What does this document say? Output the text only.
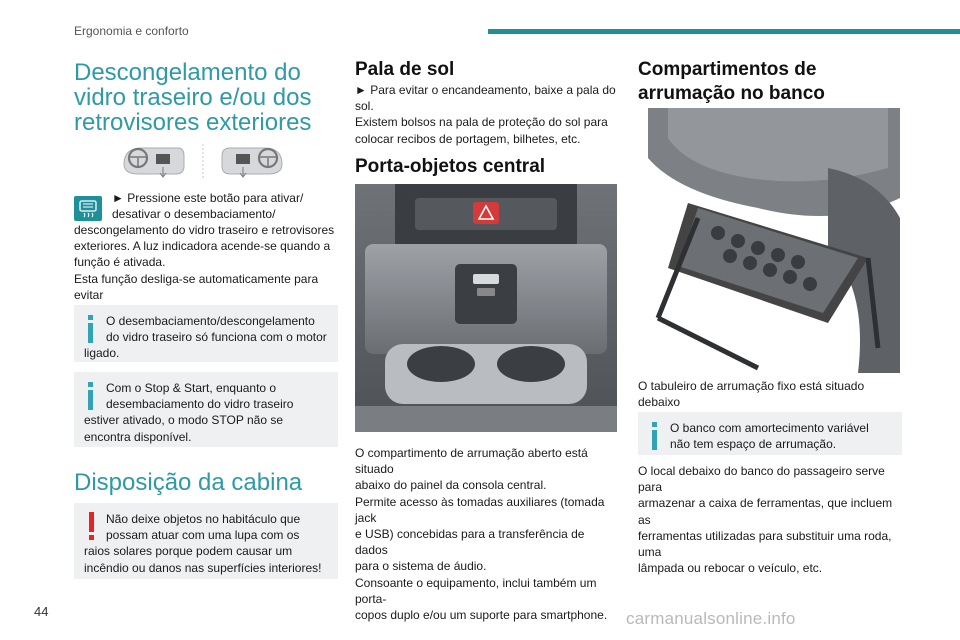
Ergonomia e conforto
44	carmanualsonline.info
Descongelamento do
vidro traseiro e/ou dos
retrovisores exteriores

► Pressione este botão para ativar/
desativar o desembaciamento/

descongelamento do vidro traseiro e retrovisores
exteriores. A luz indicadora acende-se quando a
função é ativada.
Esta função desliga-se automaticamente para evitar

O desembaciamento/descongelamento do vidro traseiro só funciona com o motor ligado.
Com o Stop & Start, enquanto o desembaciamento do vidro traseiro estiver ativado, o modo STOP não se encontra disponível.
Disposição da cabina
Não deixe objetos no habitáculo que possam atuar com uma lupa com os raios solares porque podem causar um incêndio ou danos nas superfícies interiores!
Pala de sol

► Para evitar o encandeamento, baixe a pala do
sol.
Existem bolsos na pala de proteção do sol para
colocar recibos de portagem, bilhetes, etc.

Porta-objetos central

O compartimento de arrumação aberto está situado
abaixo do painel da consola central.
Permite acesso às tomadas auxiliares (tomada jack
e USB) concebidas para a transferência de dados
para o sistema de áudio.
Consoante o equipamento, inclui também um porta-
copos duplo e/ou um suporte para smartphone.

Compartimentos de
arrumação no banco

O tabuleiro de arrumação fixo está situado debaixo

O banco com amortecimento variável não tem espaço de arrumação.

O local debaixo do banco do passageiro serve para
armazenar a caixa de ferramentas, que incluem as
ferramentas utilizadas para substituir uma roda, uma
lâmpada ou rebocar o veículo, etc.
